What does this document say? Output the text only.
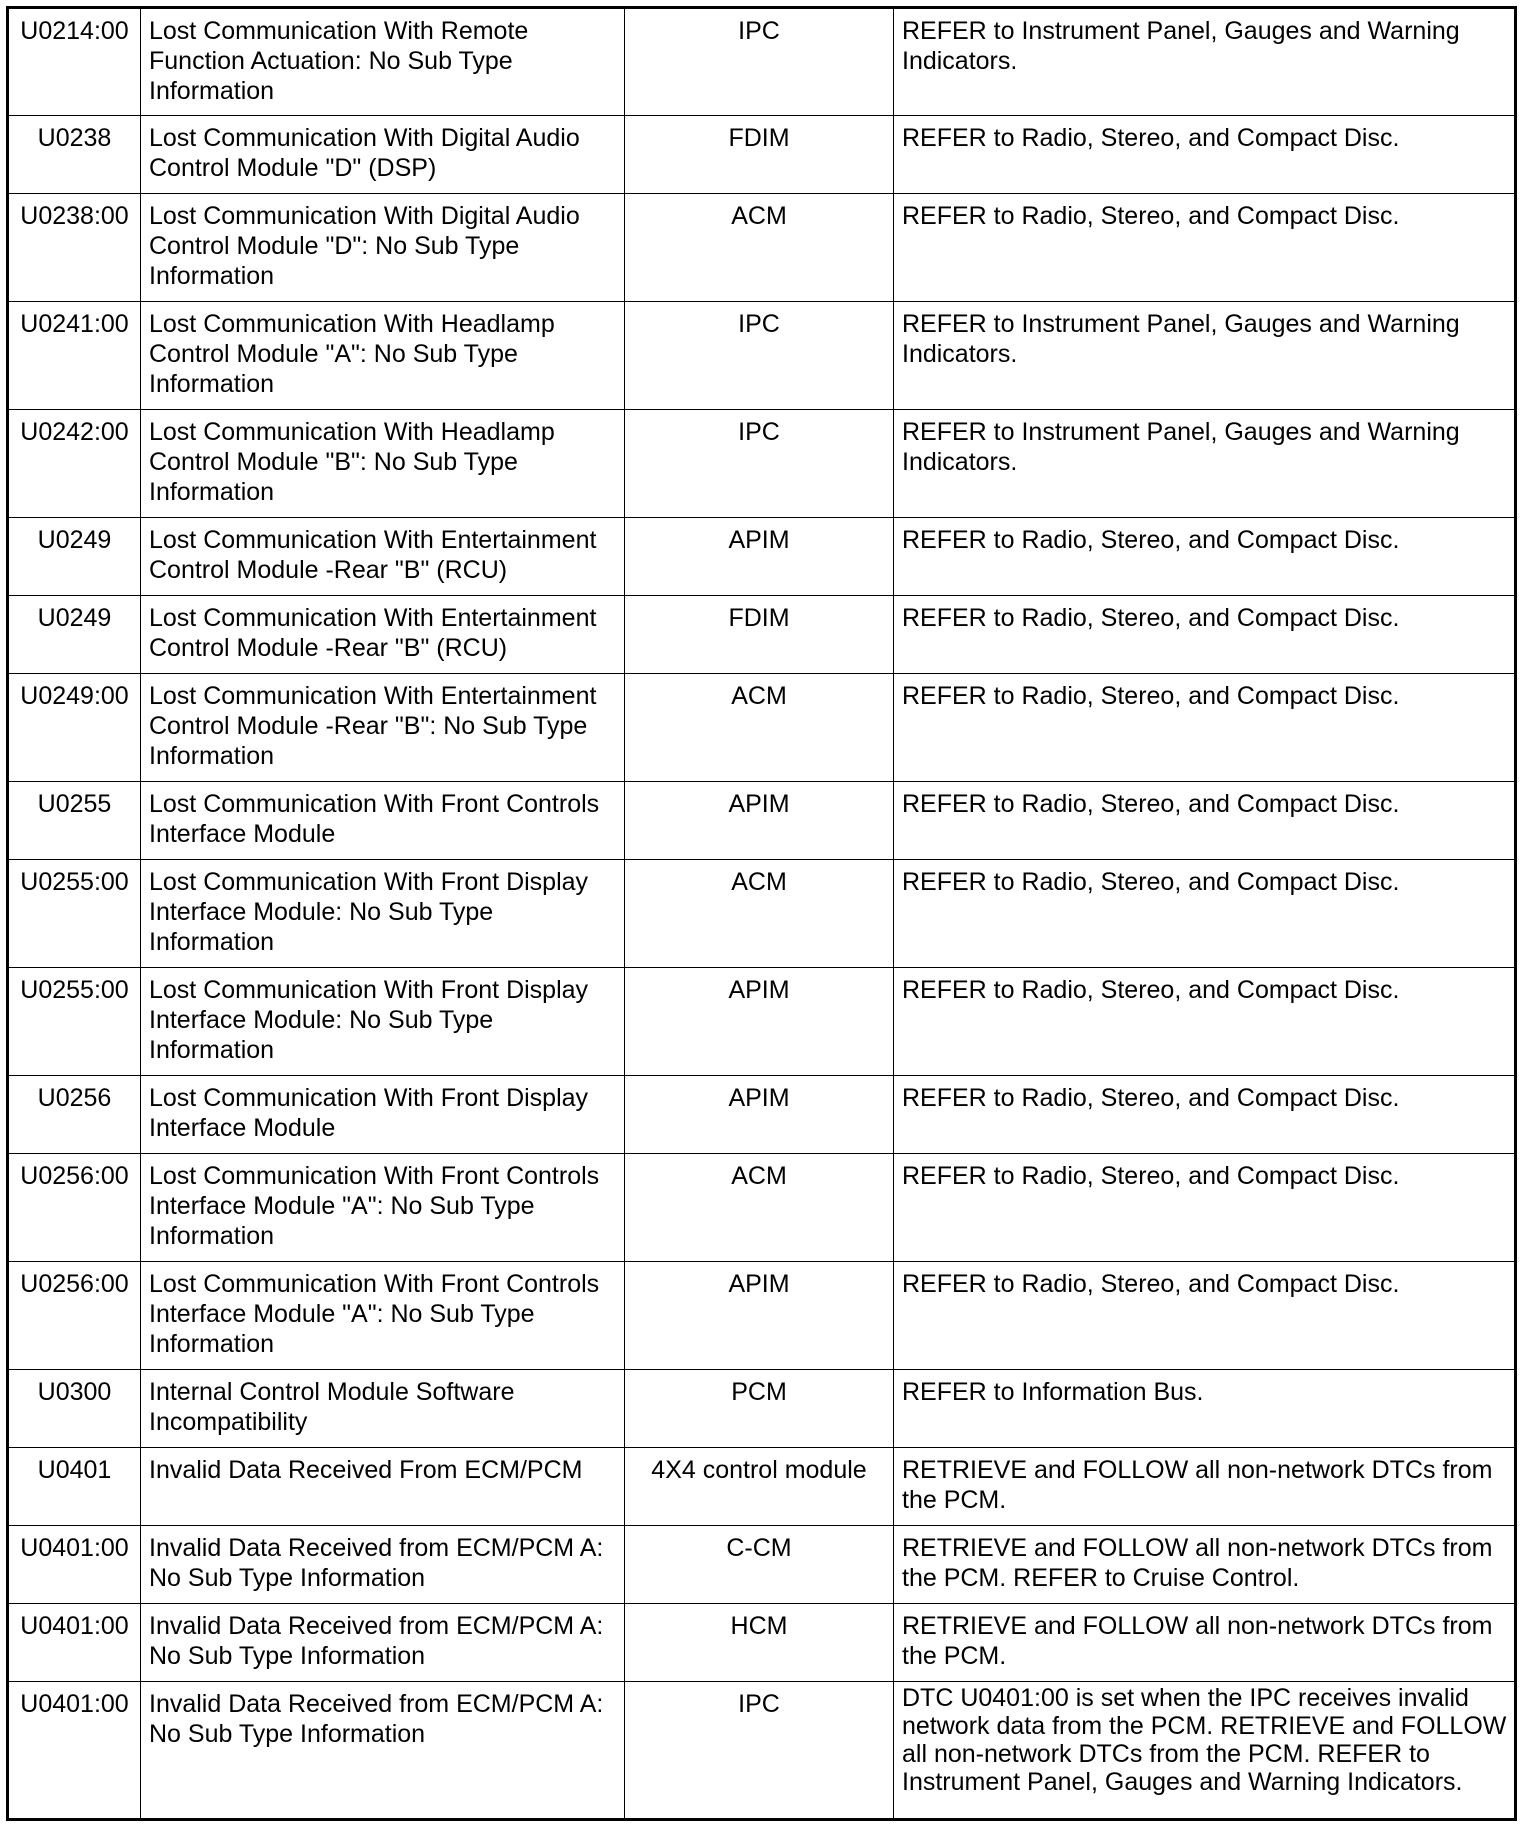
U0214:00	Lost Communication With Remote Function Actuation: No Sub Type Information	IPC	REFER to Instrument Panel, Gauges and Warning Indicators.
U0238	Lost Communication With Digital Audio Control Module "D" (DSP)	FDIM	REFER to Radio, Stereo, and Compact Disc.
U0238:00	Lost Communication With Digital Audio Control Module "D": No Sub Type Information	ACM	REFER to Radio, Stereo, and Compact Disc.
U0241:00	Lost Communication With Headlamp Control Module "A": No Sub Type Information	IPC	REFER to Instrument Panel, Gauges and Warning Indicators.
U0242:00	Lost Communication With Headlamp Control Module "B": No Sub Type Information	IPC	REFER to Instrument Panel, Gauges and Warning Indicators.
U0249	Lost Communication With Entertainment Control Module -Rear "B" (RCU)	APIM	REFER to Radio, Stereo, and Compact Disc.
U0249	Lost Communication With Entertainment Control Module -Rear "B" (RCU)	FDIM	REFER to Radio, Stereo, and Compact Disc.
U0249:00	Lost Communication With Entertainment Control Module -Rear "B": No Sub Type Information	ACM	REFER to Radio, Stereo, and Compact Disc.
U0255	Lost Communication With Front Controls Interface Module	APIM	REFER to Radio, Stereo, and Compact Disc.
U0255:00	Lost Communication With Front Display Interface Module: No Sub Type Information	ACM	REFER to Radio, Stereo, and Compact Disc.
U0255:00	Lost Communication With Front Display Interface Module: No Sub Type Information	APIM	REFER to Radio, Stereo, and Compact Disc.
U0256	Lost Communication With Front Display Interface Module	APIM	REFER to Radio, Stereo, and Compact Disc.
U0256:00	Lost Communication With Front Controls Interface Module "A": No Sub Type Information	ACM	REFER to Radio, Stereo, and Compact Disc.
U0256:00	Lost Communication With Front Controls Interface Module "A": No Sub Type Information	APIM	REFER to Radio, Stereo, and Compact Disc.
U0300	Internal Control Module Software Incompatibility	PCM	REFER to Information Bus.
U0401	Invalid Data Received From ECM/PCM	4X4 control module	RETRIEVE and FOLLOW all non-network DTCs from the PCM.
U0401:00	Invalid Data Received from ECM/PCM A: No Sub Type Information	C-CM	RETRIEVE and FOLLOW all non-network DTCs from the PCM. REFER to Cruise Control.
U0401:00	Invalid Data Received from ECM/PCM A: No Sub Type Information	HCM	RETRIEVE and FOLLOW all non-network DTCs from the PCM.
U0401:00	Invalid Data Received from ECM/PCM A: No Sub Type Information	IPC	DTC U0401:00 is set when the IPC receives invalid network data from the PCM. RETRIEVE and FOLLOW all non-network DTCs from the PCM. REFER to Instrument Panel, Gauges and Warning Indicators.
